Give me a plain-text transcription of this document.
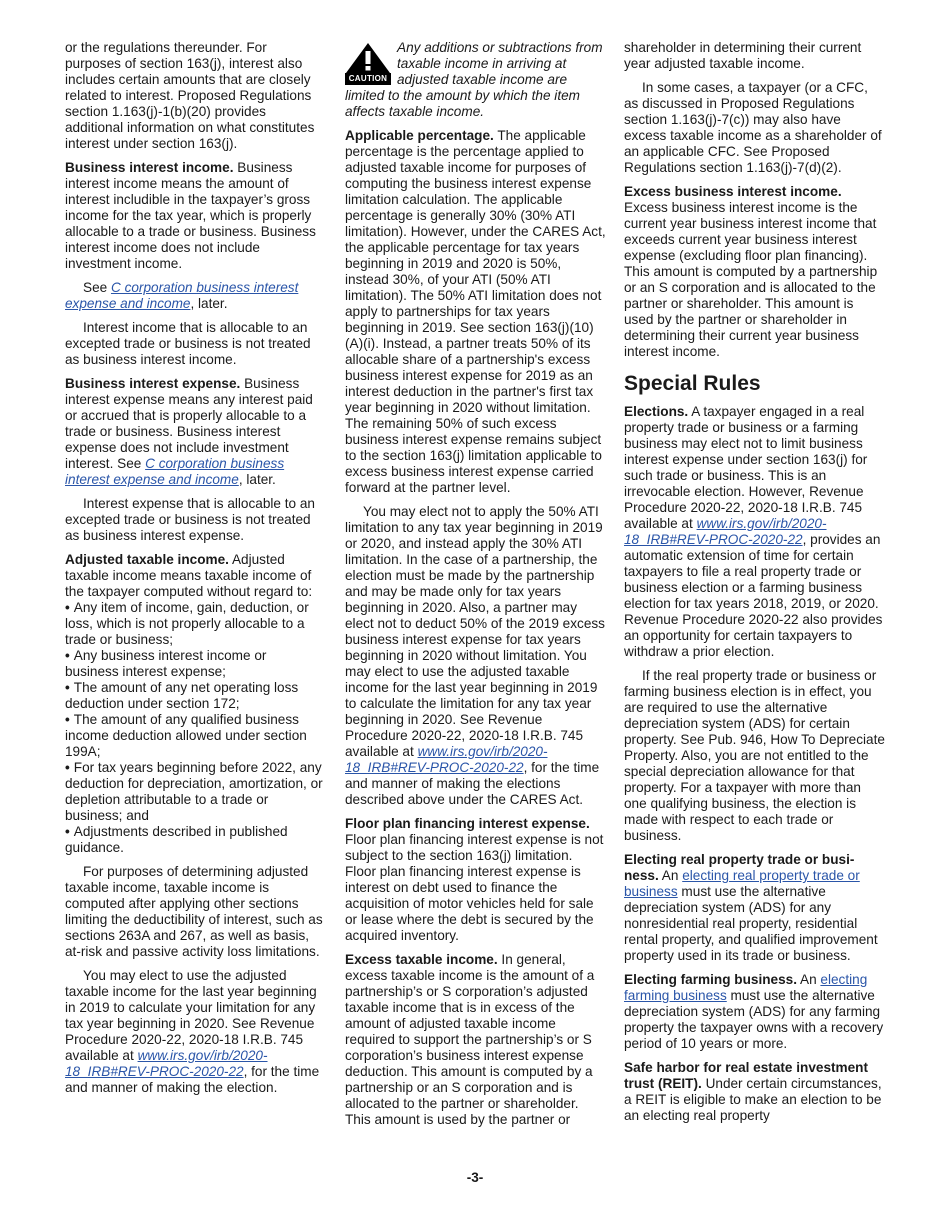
or the regulations thereunder. For purposes of section 163(j), interest also includes certain amounts that are closely related to interest. Proposed Regulations section 1.163(j)-1(b)(20) provides additional information on what constitutes interest under section 163(j).

Business interest income. Business interest income means the amount of interest includible in the taxpayer’s gross income for the tax year, which is properly allocable to a trade or business. Business interest income does not include investment income.

See C corporation business interest expense and income, later.

Interest income that is allocable to an excepted trade or business is not treated as business interest income.

Business interest expense. Business interest expense means any interest paid or accrued that is properly allocable to a trade or business. Business interest expense does not include investment interest. See C corporation business interest expense and income, later.

Interest expense that is allocable to an excepted trade or business is not treated as business interest expense.

Adjusted taxable income. Adjusted taxable income means taxable income of the taxpayer computed without regard to:

• Any item of income, gain, deduction, or loss, which is not properly allocable to a trade or business;
• Any business interest income or business interest expense;
• The amount of any net operating loss deduction under section 172;
• The amount of any qualified business income deduction allowed under section 199A;
• For tax years beginning before 2022, any deduction for depreciation, amortization, or depletion attributable to a trade or business; and
• Adjustments described in published guidance.

For purposes of determining adjusted taxable income, taxable income is computed after applying other sections limiting the deductibility of interest, such as sections 263A and 267, as well as basis, at-risk and passive activity loss limitations.

You may elect to use the adjusted taxable income for the last year beginning in 2019 to calculate your limitation for any tax year beginning in 2020. See Revenue Procedure 2020-22, 2020-18 I.R.B. 745 available at www.irs.gov/irb/2020-18_IRB#REV-PROC-2020-22, for the time and manner of making the election.

CAUTION
Any additions or subtractions from taxable income in arriving at adjusted taxable income are limited to the amount by which the item affects taxable income.

Applicable percentage. The applicable percentage is the percentage applied to adjusted taxable income for purposes of computing the business interest expense limitation calculation. The applicable percentage is generally 30% (30% ATI limitation). However, under the CARES Act, the applicable percentage for tax years beginning in 2019 and 2020 is 50%, instead 30%, of your ATI (50% ATI limitation). The 50% ATI limitation does not apply to partnerships for tax years beginning in 2019. See section 163(j)(10)(A)(i). Instead, a partner treats 50% of its allocable share of a partnership's excess business interest expense for 2019 as an interest deduction in the partner's first tax year beginning in 2020 without limitation. The remaining 50% of such excess business interest expense remains subject to the section 163(j) limitation applicable to excess business interest expense carried forward at the partner level.

You may elect not to apply the 50% ATI limitation to any tax year beginning in 2019 or 2020, and instead apply the 30% ATI limitation. In the case of a partnership, the election must be made by the partnership and may be made only for tax years beginning in 2020. Also, a partner may elect not to deduct 50% of the 2019 excess business interest expense for tax years beginning in 2020 without limitation. You may elect to use the adjusted taxable income for the last year beginning in 2019 to calculate the limitation for any tax year beginning in 2020. See Revenue Procedure 2020-22, 2020-18 I.R.B. 745 available at www.irs.gov/irb/2020-18_IRB#REV-PROC-2020-22, for the time and manner of making the elections described above under the CARES Act.

Floor plan financing interest expense. Floor plan financing interest expense is not subject to the section 163(j) limitation. Floor plan financing interest expense is interest on debt used to finance the acquisition of motor vehicles held for sale or lease where the debt is secured by the acquired inventory.

Excess taxable income. In general, excess taxable income is the amount of a partnership’s or S corporation’s adjusted taxable income that is in excess of the amount of adjusted taxable income required to support the partnership’s or S corporation’s business interest expense deduction. This amount is computed by a partnership or an S corporation and is allocated to the partner or shareholder. This amount is used by the partner or

shareholder in determining their current year adjusted taxable income.

In some cases, a taxpayer (or a CFC, as discussed in Proposed Regulations section 1.163(j)-7(c)) may also have excess taxable income as a shareholder of an applicable CFC. See Proposed Regulations section 1.163(j)-7(d)(2).

Excess business interest income. Excess business interest income is the current year business interest income that exceeds current year business interest expense (excluding floor plan financing). This amount is computed by a partnership or an S corporation and is allocated to the partner or shareholder. This amount is used by the partner or shareholder in determining their current year business interest income.

Special Rules

Elections. A taxpayer engaged in a real property trade or business or a farming business may elect not to limit business interest expense under section 163(j) for such trade or business. This is an irrevocable election. However, Revenue Procedure 2020-22, 2020-18 I.R.B. 745 available at www.irs.gov/irb/2020-18_IRB#REV-PROC-2020-22, provides an automatic extension of time for certain taxpayers to file a real property trade or business election or a farming business election for tax years 2018, 2019, or 2020. Revenue Procedure 2020-22 also provides an opportunity for certain taxpayers to withdraw a prior election.

If the real property trade or business or farming business election is in effect, you are required to use the alternative depreciation system (ADS) for certain property. See Pub. 946, How To Depreciate Property. Also, you are not entitled to the special depreciation allowance for that property. For a taxpayer with more than one qualifying business, the election is made with respect to each trade or business.

Electing real property trade or busi-ness. An electing real property trade or business must use the alternative depreciation system (ADS) for any nonresidential real property, residential rental property, and qualified improvement property used in its trade or business.

Electing farming business. An electing farming business must use the alternative depreciation system (ADS) for any farming property the taxpayer owns with a recovery period of 10 years or more.

Safe harbor for real estate investment trust (REIT). Under certain circumstances, a REIT is eligible to make an election to be an electing real property

-3-
